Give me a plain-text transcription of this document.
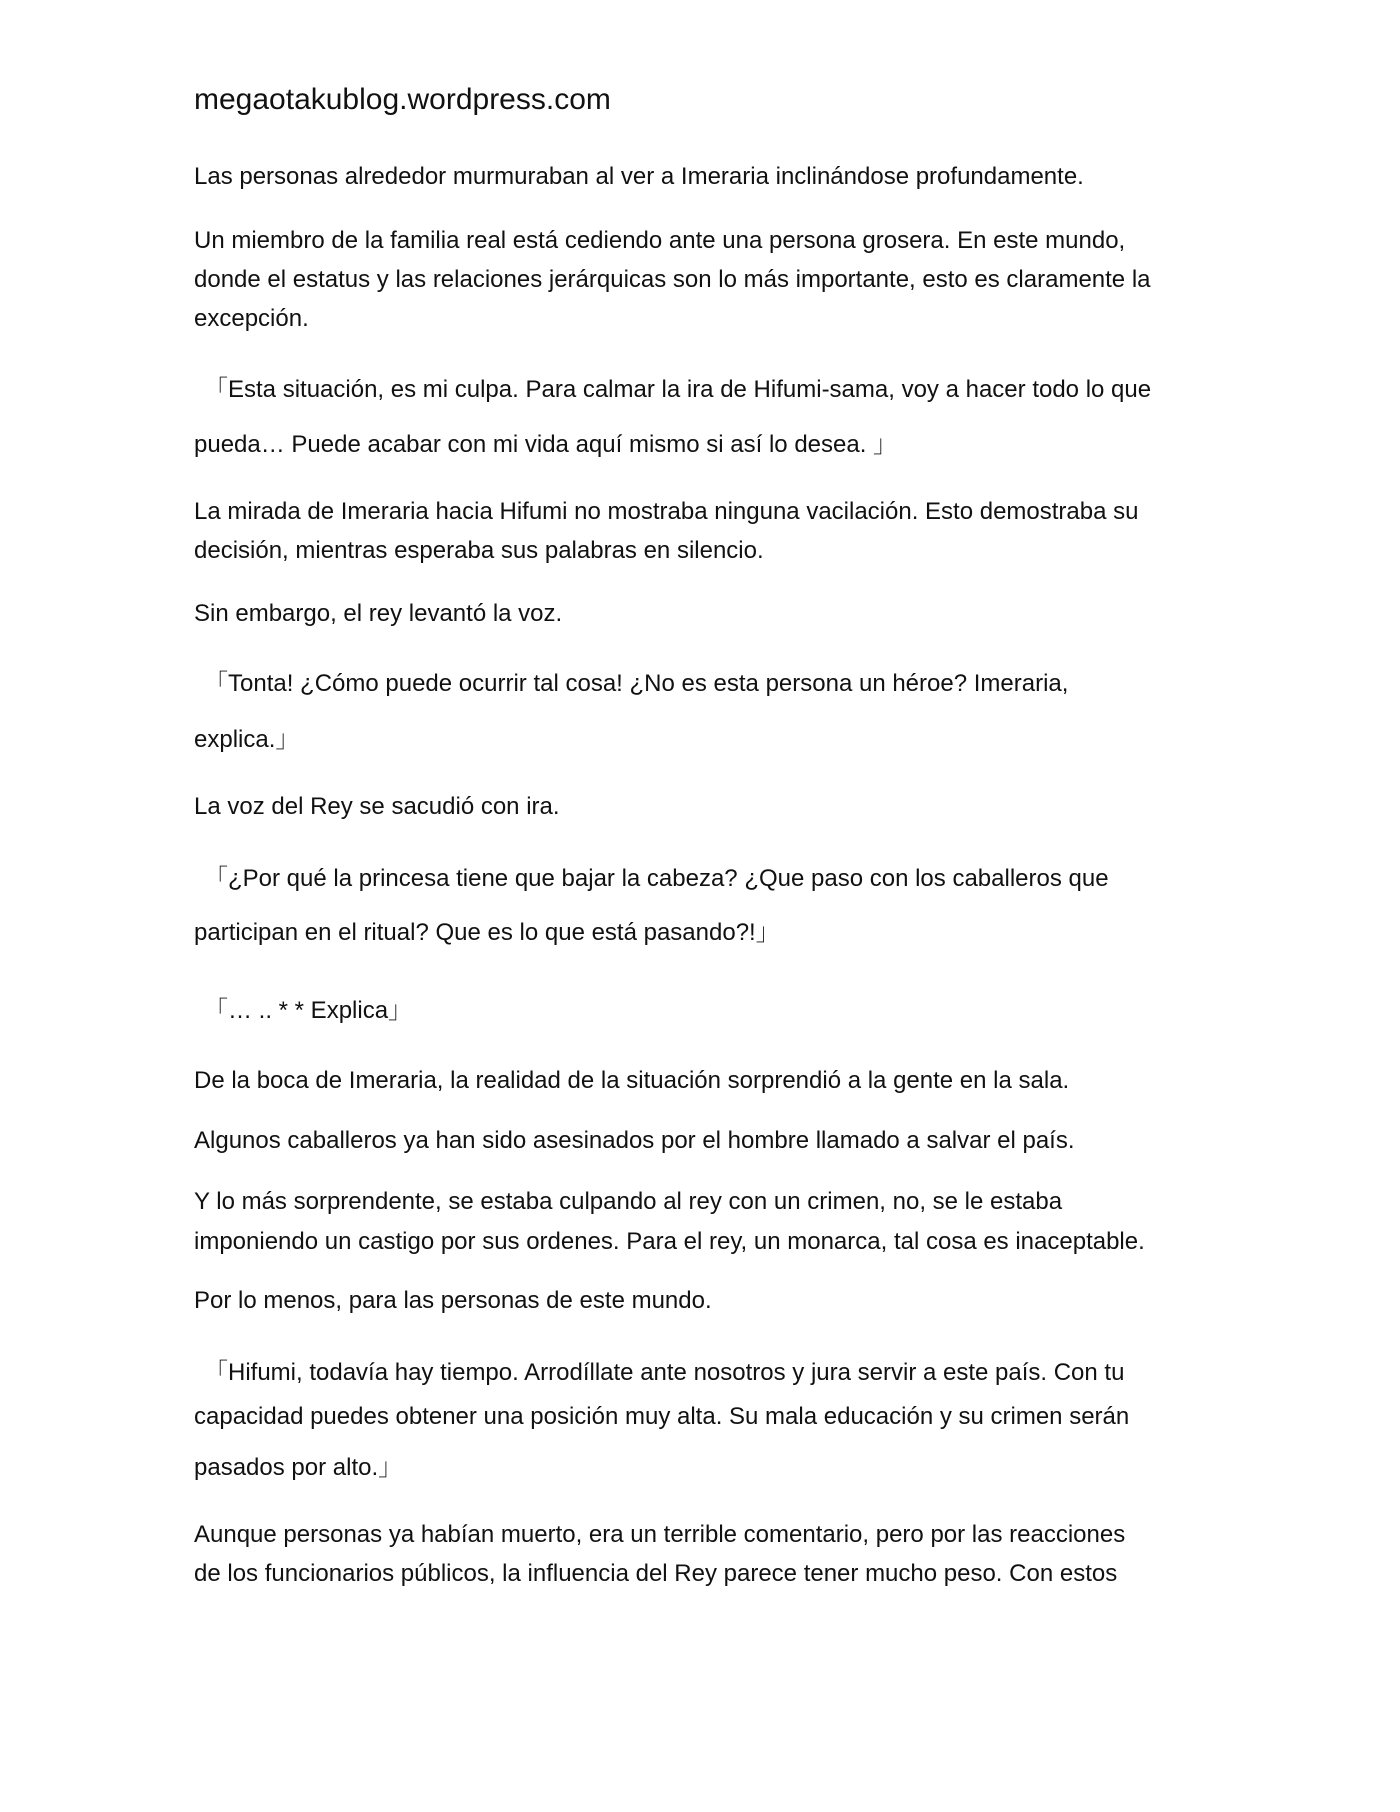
megaotakublog.wordpress.com

Las personas alrededor murmuraban al ver a Imeraria inclinándose profundamente.

Un miembro de la familia real está cediendo ante una persona grosera. En este mundo,

donde el estatus y las relaciones jerárquicas son lo más importante, esto es claramente la

excepción.

「Esta situación, es mi culpa. Para calmar la ira de Hifumi-sama, voy a hacer todo lo que

pueda… Puede acabar con mi vida aquí mismo si así lo desea. 」

La mirada de Imeraria hacia Hifumi no mostraba ninguna vacilación. Esto demostraba su

decisión, mientras esperaba sus palabras en silencio.

Sin embargo, el rey levantó la voz.

「Tonta! ¿Cómo puede ocurrir tal cosa! ¿No es esta persona un héroe? Imeraria,

explica.」

La voz del Rey se sacudió con ira.

「¿Por qué la princesa tiene que bajar la cabeza? ¿Que paso con los caballeros que

participan en el ritual? Que es lo que está pasando?!」

「… .. * * Explica」

De la boca de Imeraria, la realidad de la situación sorprendió a la gente en la sala.

Algunos caballeros ya han sido asesinados por el hombre llamado a salvar el país.

Y lo más sorprendente, se estaba culpando al rey con un crimen, no, se le estaba

imponiendo un castigo por sus ordenes. Para el rey, un monarca, tal cosa es inaceptable.

Por lo menos, para las personas de este mundo.

「Hifumi, todavía hay tiempo. Arrodíllate ante nosotros y jura servir a este país. Con tu

capacidad puedes obtener una posición muy alta. Su mala educación y su crimen serán

pasados por alto.」

Aunque personas ya habían muerto, era un terrible comentario, pero por las reacciones

de los funcionarios públicos, la influencia del Rey parece tener mucho peso. Con estos
